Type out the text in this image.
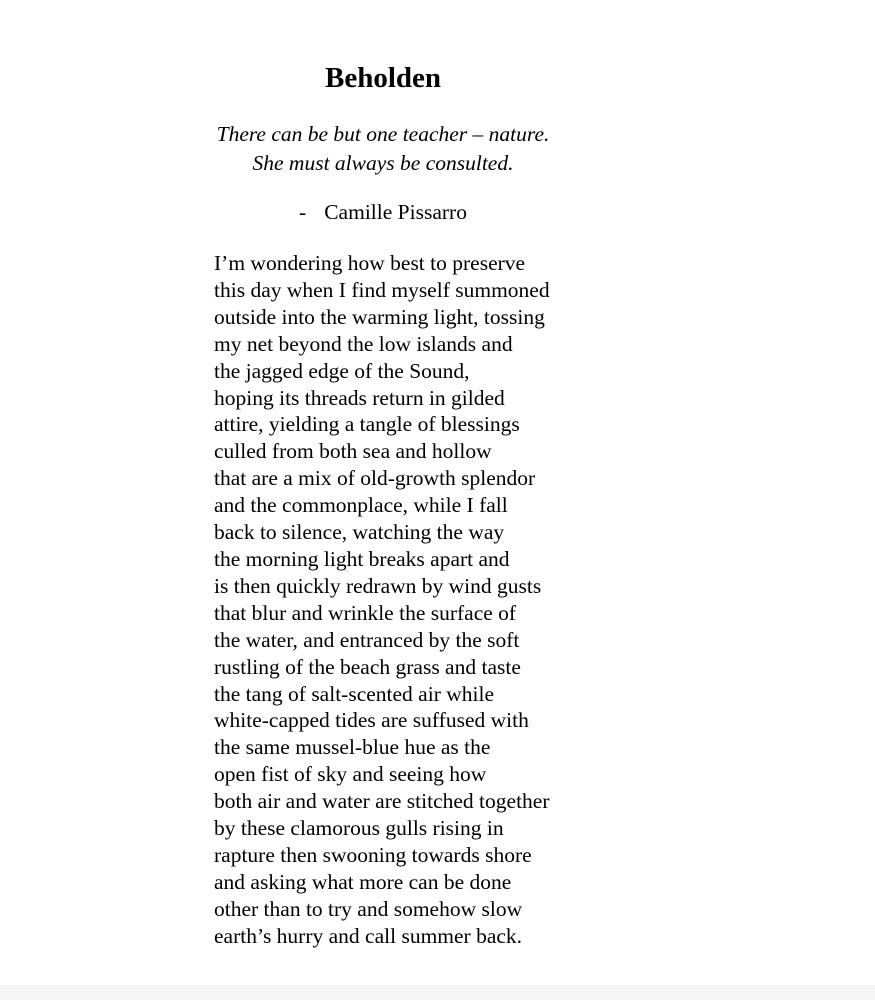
Beholden
There can be but one teacher – nature.
She must always be consulted.
- Camille Pissarro
I’m wondering how best to preserve
this day when I find myself summoned
outside into the warming light, tossing
my net beyond the low islands and
the jagged edge of the Sound,
hoping its threads return in gilded
attire, yielding a tangle of blessings
culled from both sea and hollow
that are a mix of old-growth splendor
and the commonplace, while I fall
back to silence, watching the way
the morning light breaks apart and
is then quickly redrawn by wind gusts
that blur and wrinkle the surface of
the water, and entranced by the soft
rustling of the beach grass and taste
the tang of salt-scented air while
white-capped tides are suffused with
the same mussel-blue hue as the
open fist of sky and seeing how
both air and water are stitched together
by these clamorous gulls rising in
rapture then swooning towards shore
and asking what more can be done
other than to try and somehow slow
earth’s hurry and call summer back.
